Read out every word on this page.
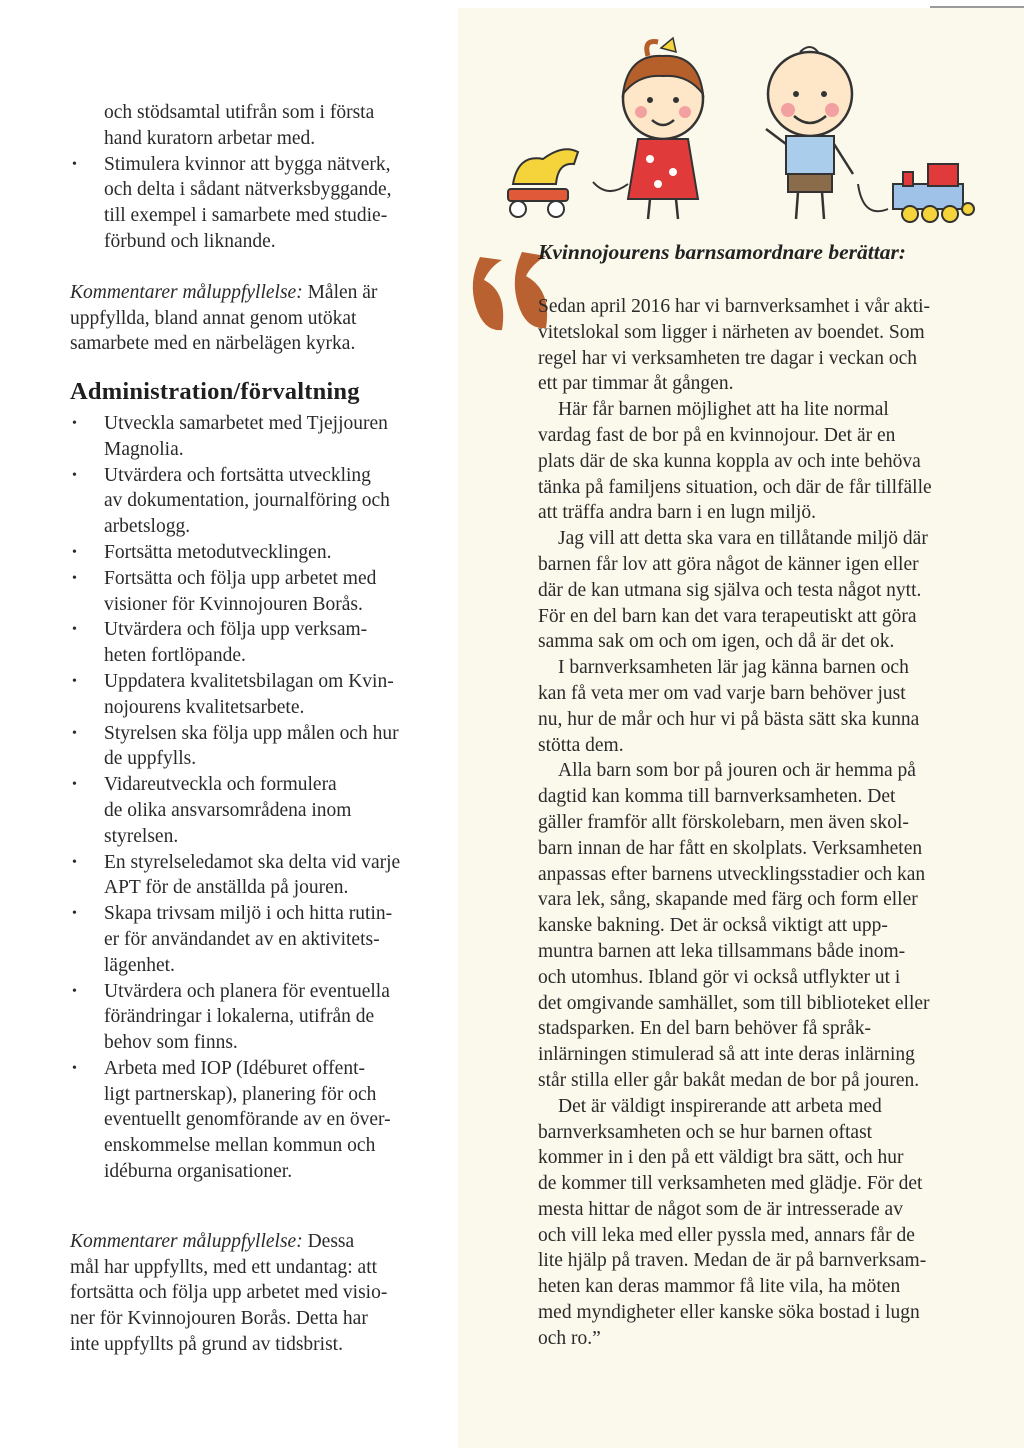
och stödsamtal utifrån som i första

hand kuratorn arbetar med.

• Stimulera kvinnor att bygga nätverk,

och delta i sådant nätverksbyggande,

till exempel i samarbete med studie-

förbund och liknande.

Kommentarer måluppfyllelse: Målen är
uppfyllda, bland annat genom utökat
samarbete med en närbelägen kyrka.

Administration/förvaltning
• Utveckla samarbetet med Tjejjouren

Magnolia.

• Utvärdera och fortsätta utveckling

av dokumentation, journalföring och

arbetslogg.

• Fortsätta metodutvecklingen.

• Fortsätta och följa upp arbetet med

visioner för Kvinnojouren Borås.

• Utvärdera och följa upp verksam-

heten fortlöpande.

• Uppdatera kvalitetsbilagan om Kvin-

nojourens kvalitetsarbete.

• Styrelsen ska följa upp målen och hur

de uppfylls.

• Vidareutveckla och formulera

de olika ansvarsområdena inom

styrelsen.

• En styrelseledamot ska delta vid varje

APT för de anställda på jouren.

• Skapa trivsam miljö i och hitta rutin-

er för användandet av en aktivitets-

lägenhet.

• Utvärdera och planera för eventuella

förändringar i lokalerna, utifrån de

behov som finns.

• Arbeta med IOP (Idéburet offent-

ligt partnerskap), planering för och

eventuellt genomförande av en över-

enskommelse mellan kommun och

idéburna organisationer.

Kommentarer måluppfyllelse: Dessa
mål har uppfyllts, med ett undantag: att
fortsätta och följa upp arbetet med visio-
ner för Kvinnojouren Borås. Detta har
inte uppfyllts på grund av tidsbrist.

Kvinnojourens barnsamordnare berättar:

Sedan april 2016 har vi barnverksamhet i vår akti-
vitetslokal som ligger i närheten av boendet. Som
regel har vi verksamheten tre dagar i veckan och
ett par timmar åt gången.

Här får barnen möjlighet att ha lite normal
vardag fast de bor på en kvinnojour. Det är en
plats där de ska kunna koppla av och inte behöva
tänka på familjens situation, och där de får tillfälle
att träffa andra barn i en lugn miljö.

Jag vill att detta ska vara en tillåtande miljö där
barnen får lov att göra något de känner igen eller
där de kan utmana sig själva och testa något nytt.
För en del barn kan det vara terapeutiskt att göra
samma sak om och om igen, och då är det ok.

I barnverksamheten lär jag känna barnen och
kan få veta mer om vad varje barn behöver just
nu, hur de mår och hur vi på bästa sätt ska kunna
stötta dem.

Alla barn som bor på jouren och är hemma på
dagtid kan komma till barnverksamheten. Det
gäller framför allt förskolebarn, men även skol-
barn innan de har fått en skolplats. Verksamheten
anpassas efter barnens utvecklingsstadier och kan
vara lek, sång, skapande med färg och form eller
kanske bakning. Det är också viktigt att upp-
muntra barnen att leka tillsammans både inom-
och utomhus. Ibland gör vi också utflykter ut i
det omgivande samhället, som till biblioteket eller
stadsparken. En del barn behöver få språk-
inlärningen stimulerad så att inte deras inlärning
står stilla eller går bakåt medan de bor på jouren.

Det är väldigt inspirerande att arbeta med
barnverksamheten och se hur barnen oftast
kommer in i den på ett väldigt bra sätt, och hur
de kommer till verksamheten med glädje. För det
mesta hittar de något som de är intresserade av
och vill leka med eller pyssla med, annars får de
lite hjälp på traven. Medan de är på barnverksam-
heten kan deras mammor få lite vila, ha möten
med myndigheter eller kanske söka bostad i lugn
och ro.”
